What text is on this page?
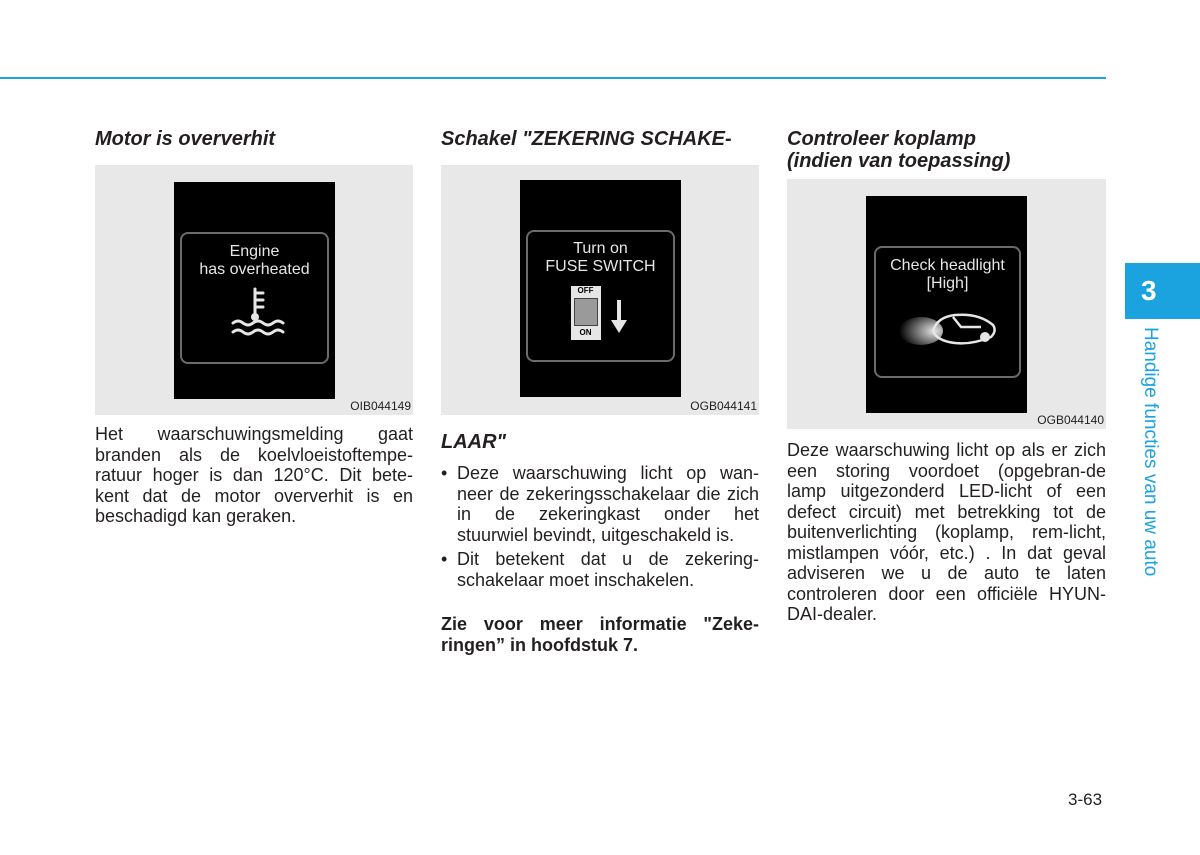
Motor is oververhit
Engine
has overheated
OIB044149

Het waarschuwingsmelding gaat branden als de koelvloeistoftempe-ratuur hoger is dan 120°C. Dit bete-kent dat de motor oververhit is en beschadigd kan geraken.

Schakel "ZEKERING SCHAKE-
Turn on
FUSE SWITCH
OFF
ON
OGB044141
LAAR"
• Deze waarschuwing licht op wan-neer de zekeringsschakelaar die zich in de zekeringkast onder het stuurwiel bevindt, uitgeschakeld is.
• Dit betekent dat u de zekering-schakelaar moet inschakelen.
Zie voor meer informatie "Zeke-ringen” in hoofdstuk 7.
Controleer koplamp
(indien van toepassing)
Check headlight
[High]
OGB044140

Deze waarschuwing licht op als er zich een storing voordoet (opgebran-de lamp uitgezonderd LED-licht of een defect circuit) met betrekking tot de buitenverlichting (koplamp, rem-licht, mistlampen vóór, etc.) . In dat geval adviseren we u de auto te laten controleren door een officiële HYUN-DAI-dealer.

3
Handige functies van uw auto
3-63
